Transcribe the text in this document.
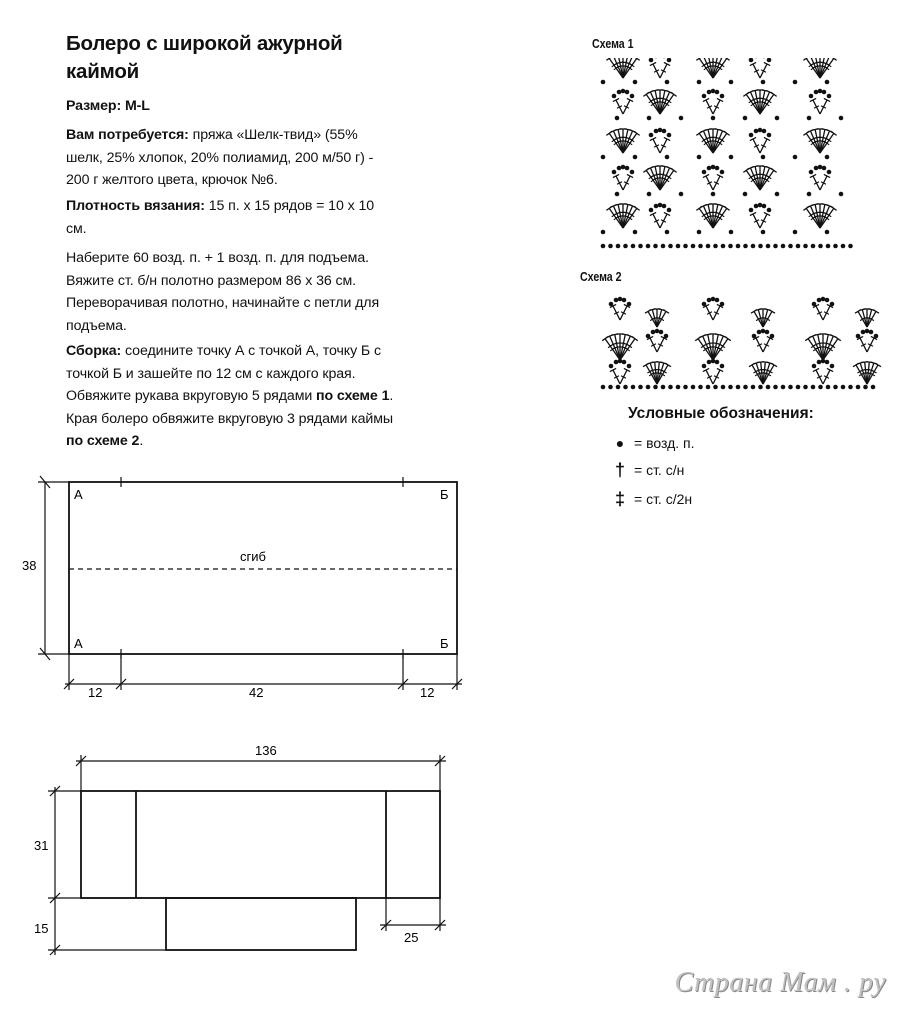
Болеро с широкой ажурной каймой
Размер: M-L
Вам потребуется: пряжа «Шелк-твид» (55% шелк, 25% хлопок, 20% полиамид, 200 м/50 г) - 200 г желтого цвета, крючок №6.
Плотность вязания: 15 п. х 15 рядов = 10 х 10 см.
Наберите 60 возд. п. + 1 возд. п. для подъема. Вяжите ст. б/н полотно размером 86 х 36 см. Переворачивая полотно, начинайте с петли для подъема.
Сборка: соедините точку А с точкой А, точку Б с точкой Б и зашейте по 12 см с каждого края. Обвяжите рукава вкруговую 5 рядами по схеме 1. Края болеро обвяжите вкруговую 3 рядами каймы по схеме 2.
Схема 1
Схема 2
Условные обозначения:
● = возд. п.
† = ст. с/н
‡ = ст. с/2н
А	Б
А	Б
сгиб
38
12	42	12
136
31
15
25
Страна Мам . ру
